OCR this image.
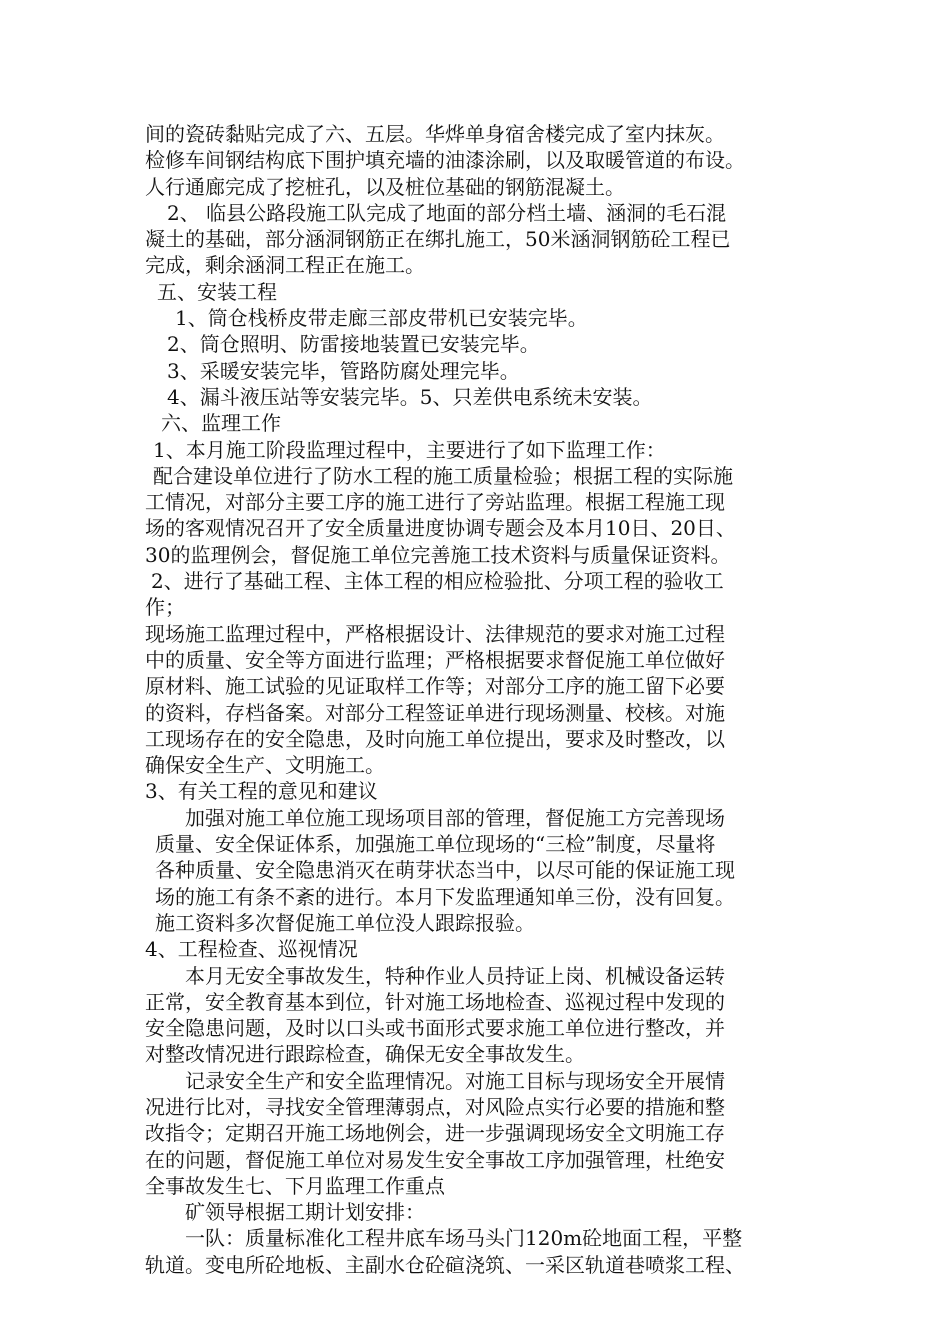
间的瓷砖黏贴完成了六、五层。华烨单身宿舍楼完成了室内抹灰。
检修车间钢结构底下围护填充墙的油漆涂刷，以及取暖管道的布设。
人行通廊完成了挖桩孔，以及桩位基础的钢筋混凝土。
2、 临县公路段施工队完成了地面的部分档土墙、涵洞的毛石混
凝土的基础，部分涵洞钢筋正在绑扎施工，50米涵洞钢筋砼工程已
完成，剩余涵洞工程正在施工。
五、安装工程
1、筒仓栈桥皮带走廊三部皮带机已安装完毕。
2、筒仓照明、防雷接地装置已安装完毕。
3、采暖安装完毕，管路防腐处理完毕。
4、漏斗液压站等安装完毕。5、只差供电系统未安装。
六、监理工作
1、本月施工阶段监理过程中，主要进行了如下监理工作：
配合建设单位进行了防水工程的施工质量检验；根据工程的实际施
工情况，对部分主要工序的施工进行了旁站监理。根据工程施工现
场的客观情况召开了安全质量进度协调专题会及本月10日、20日、
30的监理例会，督促施工单位完善施工技术资料与质量保证资料。
2、进行了基础工程、主体工程的相应检验批、分项工程的验收工
作；
现场施工监理过程中，严格根据设计、法律规范的要求对施工过程
中的质量、安全等方面进行监理；严格根据要求督促施工单位做好
原材料、施工试验的见证取样工作等；对部分工序的施工留下必要
的资料，存档备案。对部分工程签证单进行现场测量、校核。对施
工现场存在的安全隐患，及时向施工单位提出，要求及时整改，以
确保安全生产、文明施工。
3、有关工程的意见和建议
加强对施工单位施工现场项目部的管理，督促施工方完善现场
质量、安全保证体系，加强施工单位现场的“三检”制度，尽量将
各种质量、安全隐患消灭在萌芽状态当中，以尽可能的保证施工现
场的施工有条不紊的进行。本月下发监理通知单三份，没有回复。
施工资料多次督促施工单位没人跟踪报验。
4、工程检查、巡视情况
本月无安全事故发生，特种作业人员持证上岗、机械设备运转
正常，安全教育基本到位，针对施工场地检查、巡视过程中发现的
安全隐患问题，及时以口头或书面形式要求施工单位进行整改，并
对整改情况进行跟踪检查，确保无安全事故发生。
记录安全生产和安全监理情况。对施工目标与现场安全开展情
况进行比对，寻找安全管理薄弱点，对风险点实行必要的措施和整
改指令；定期召开施工场地例会，进一步强调现场安全文明施工存
在的问题，督促施工单位对易发生安全事故工序加强管理，杜绝安
全事故发生七、下月监理工作重点
矿领导根据工期计划安排：
一队：质量标准化工程井底车场马头门120m砼地面工程，平整
轨道。变电所砼地板、主副水仓砼碹浇筑、一采区轨道巷喷浆工程、
